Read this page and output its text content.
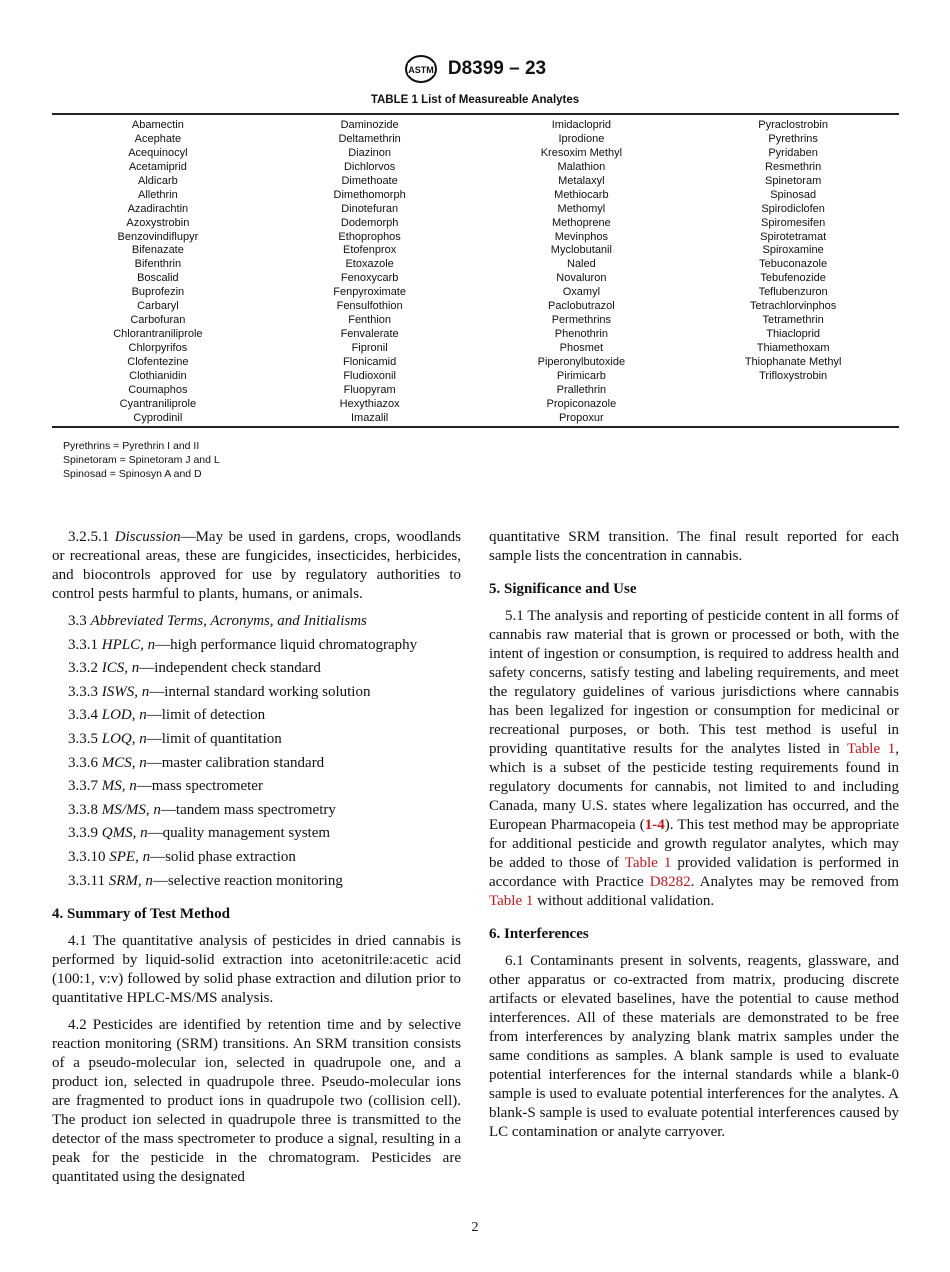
ASTM D8399 – 23
TABLE 1 List of Measureable Analytes
Abamectin
Acephate
Acequinocyl
Acetamiprid
Aldicarb
Allethrin
Azadirachtin
Azoxystrobin
Benzovindiflupyr
Bifenazate
Bifenthrin
Boscalid
Buprofezin
Carbaryl
Carbofuran
Chlorantraniliprole
Chlorpyrifos
Clofentezine
Clothianidin
Coumaphos
Cyantraniliprole
Cyprodinil
Daminozide
Deltamethrin
Diazinon
Dichlorvos
Dimethoate
Dimethomorph
Dinotefuran
Dodemorph
Ethoprophos
Etofenprox
Etoxazole
Fenoxycarb
Fenpyroximate
Fensulfothion
Fenthion
Fenvalerate
Fipronil
Flonicamid
Fludioxonil
Fluopyram
Hexythiazox
Imazalil
Imidacloprid
Iprodione
Kresoxim Methyl
Malathion
Metalaxyl
Methiocarb
Methomyl
Methoprene
Mevinphos
Myclobutanil
Naled
Novaluron
Oxamyl
Paclobutrazol
Permethrins
Phenothrin
Phosmet
Piperonylbutoxide
Pirimicarb
Prallethrin
Propiconazole
Propoxur
Pyraclostrobin
Pyrethrins
Pyridaben
Resmethrin
Spinetoram
Spinosad
Spirodiclofen
Spiromesifen
Spirotetramat
Spiroxamine
Tebuconazole
Tebufenozide
Teflubenzuron
Tetrachlorvinphos
Tetramethrin
Thiacloprid
Thiamethoxam
Thiophanate Methyl
Trifloxystrobin
Pyrethrins = Pyrethrin I and II
Spinetoram = Spinetoram J and L
Spinosad = Spinosyn A and D
3.2.5.1 Discussion—May be used in gardens, crops, woodlands or recreational areas, these are fungicides, insecticides, herbicides, and biocontrols approved for use by regulatory authorities to control pests harmful to plants, humans, or animals.
3.3 Abbreviated Terms, Acronyms, and Initialisms
3.3.1 HPLC, n—high performance liquid chromatography
3.3.2 ICS, n—independent check standard
3.3.3 ISWS, n—internal standard working solution
3.3.4 LOD, n—limit of detection
3.3.5 LOQ, n—limit of quantitation
3.3.6 MCS, n—master calibration standard
3.3.7 MS, n—mass spectrometer
3.3.8 MS/MS, n—tandem mass spectrometry
3.3.9 QMS, n—quality management system
3.3.10 SPE, n—solid phase extraction
3.3.11 SRM, n—selective reaction monitoring
4. Summary of Test Method
4.1 The quantitative analysis of pesticides in dried cannabis is performed by liquid-solid extraction into acetonitrile:acetic acid (100:1, v:v) followed by solid phase extraction and dilution prior to quantitative HPLC-MS/MS analysis.
4.2 Pesticides are identified by retention time and by selective reaction monitoring (SRM) transitions. An SRM transition consists of a pseudo-molecular ion, selected in quadrupole one, and a product ion, selected in quadrupole three. Pseudo-molecular ions are fragmented to product ions in quadrupole two (collision cell). The product ion selected in quadrupole three is transmitted to the detector of the mass spectrometer to produce a signal, resulting in a peak for the pesticide in the chromatogram. Pesticides are quantitated using the designated
quantitative SRM transition. The final result reported for each sample lists the concentration in cannabis.
5. Significance and Use
5.1 The analysis and reporting of pesticide content in all forms of cannabis raw material that is grown or processed or both, with the intent of ingestion or consumption, is required to address health and safety concerns, satisfy testing and labeling requirements, and meet the regulatory guidelines of various jurisdictions where cannabis has been legalized for ingestion or consumption for medicinal or recreational purposes, or both. This test method is useful in providing quantitative results for the analytes listed in Table 1, which is a subset of the pesticide testing requirements found in regulatory documents for cannabis, not limited to and including Canada, many U.S. states where legalization has occurred, and the European Pharmacopeia (1-4). This test method may be appropriate for additional pesticide and growth regulator analytes, which may be added to those of Table 1 provided validation is performed in accordance with Practice D8282. Analytes may be removed from Table 1 without additional validation.
6. Interferences
6.1 Contaminants present in solvents, reagents, glassware, and other apparatus or co-extracted from matrix, producing discrete artifacts or elevated baselines, have the potential to cause method interferences. All of these materials are demonstrated to be free from interferences by analyzing blank matrix samples under the same conditions as samples. A blank sample is used to evaluate potential interferences for the internal standards while a blank-0 sample is used to evaluate potential interferences for the analytes. A blank-S sample is used to evaluate potential interferences caused by LC contamination or analyte carryover.
2
